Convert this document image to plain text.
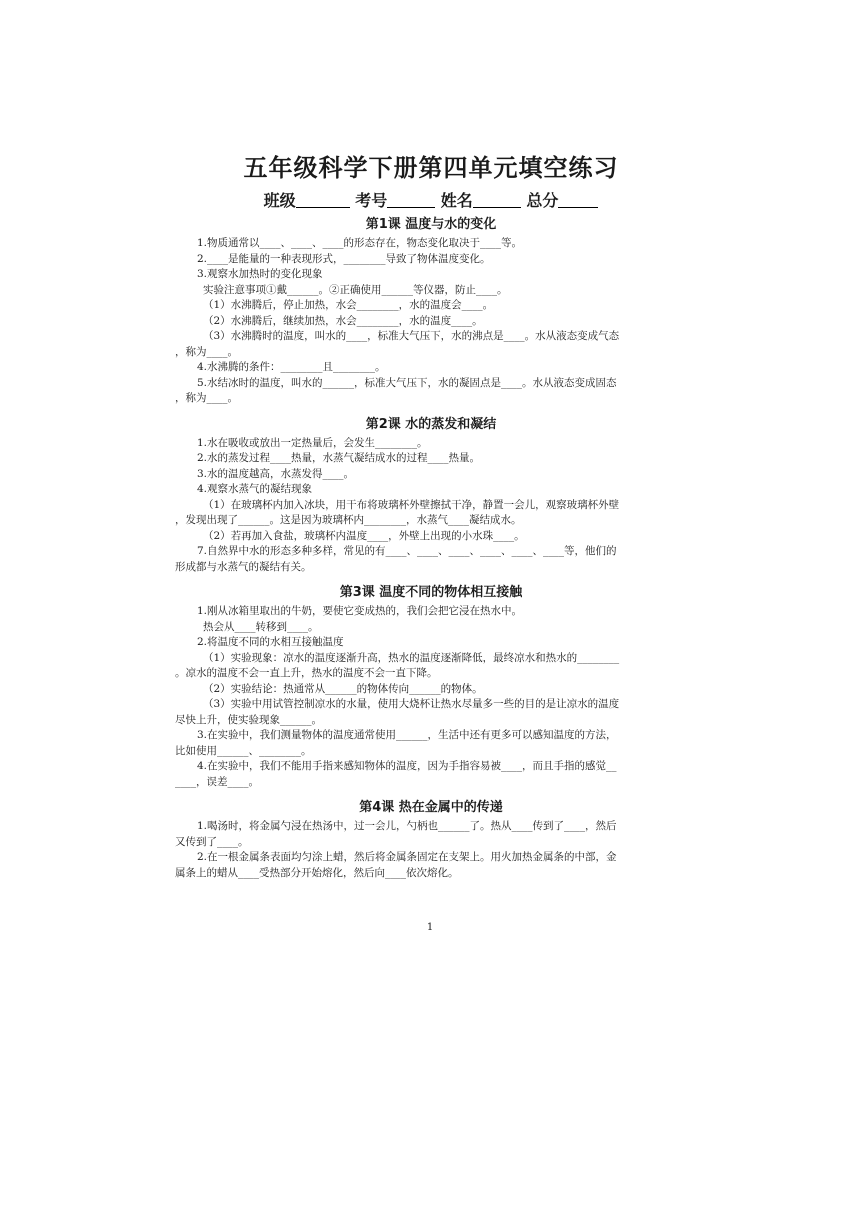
五年级科学下册第四单元填空练习
班级	考号	姓名	总分
第1课 温度与水的变化
1.物质通常以____、____、____的形态存在，物态变化取决于____等。
2.____是能量的一种表现形式，________导致了物体温度变化。
3.观察水加热时的变化现象
实验注意事项①戴______。②正确使用______等仪器，防止____。
（1）水沸腾后，停止加热，水会________，水的温度会____。
（2）水沸腾后，继续加热，水会________，水的温度____。
（3）水沸腾时的温度，叫水的____，标准大气压下，水的沸点是____。水从液态变成气态
，称为____。
4.水沸腾的条件：________且________。
5.水结冰时的温度，叫水的______，标准大气压下，水的凝固点是____。水从液态变成固态
，称为____。
第2课 水的蒸发和凝结
1.水在吸收或放出一定热量后，会发生________。
2.水的蒸发过程____热量，水蒸气凝结成水的过程____热量。
3.水的温度越高，水蒸发得____。
4.观察水蒸气的凝结现象
（1）在玻璃杯内加入冰块，用干布将玻璃杯外壁擦拭干净，静置一会儿，观察玻璃杯外壁
，发现出现了______。这是因为玻璃杯内________，水蒸气____凝结成水。
（2）若再加入食盐，玻璃杯内温度____，外壁上出现的小水珠____。
7.自然界中水的形态多种多样，常见的有____、____、____、____、____、____等，他们的
形成都与水蒸气的凝结有关。
第3课 温度不同的物体相互接触
1.刚从冰箱里取出的牛奶，要使它变成热的，我们会把它浸在热水中。
热会从____转移到____。
2.将温度不同的水相互接触温度
（1）实验现象：凉水的温度逐渐升高，热水的温度逐渐降低，最终凉水和热水的________
。凉水的温度不会一直上升，热水的温度不会一直下降。
（2）实验结论：热通常从______的物体传向______的物体。
（3）实验中用试管控制凉水的水量，使用大烧杯让热水尽量多一些的目的是让凉水的温度
尽快上升，使实验现象______。
3.在实验中，我们测量物体的温度通常使用______，生活中还有更多可以感知温度的方法，
比如使用______、________。
4.在实验中，我们不能用手指来感知物体的温度，因为手指容易被____，而且手指的感觉__
____，误差____。
第4课 热在金属中的传递
1.喝汤时，将金属勺浸在热汤中，过一会儿，勺柄也______了。热从____传到了____，然后
又传到了____。
2.在一根金属条表面均匀涂上蜡，然后将金属条固定在支架上。用火加热金属条的中部，金
属条上的蜡从____受热部分开始熔化，然后向____依次熔化。
1
